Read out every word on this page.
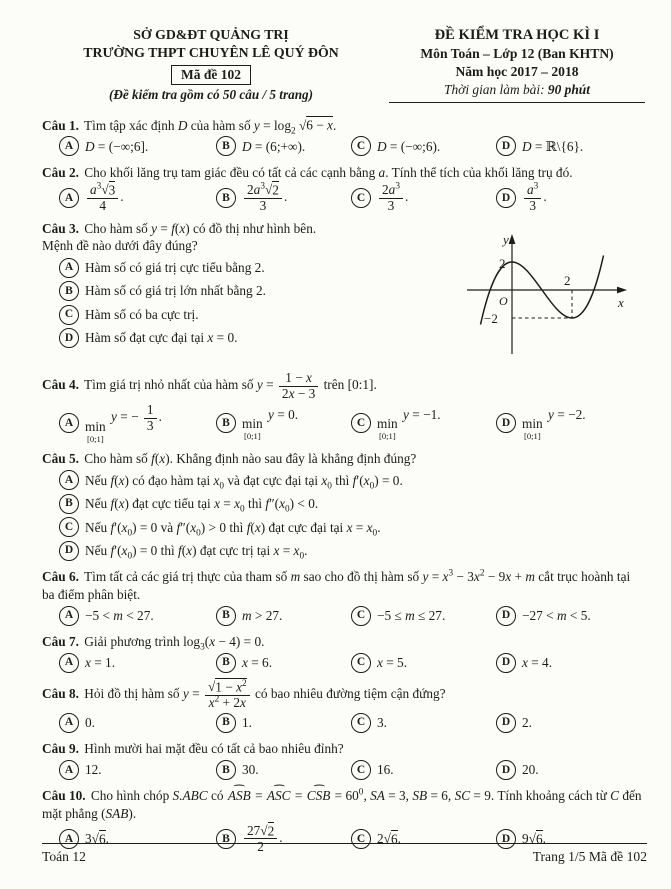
SỞ GD&ĐT QUẢNG TRỊ
TRƯỜNG THPT CHUYÊN LÊ QUÝ ĐÔN
Mã đề 102
(Đề kiểm tra gồm có 50 câu / 5 trang)
ĐỀ KIỂM TRA HỌC KÌ I
Môn Toán – Lớp 12 (Ban KHTN)
Năm học 2017 – 2018
Thời gian làm bài: 90 phút

Câu 1. Tìm tập xác định D của hàm số $y = \log_2 √6 - x$.

A D = (−∞;6].	B D = (6;+∞).	C D = (−∞;6).	D D = ℝ\{6}.

Câu 2. Cho khối lăng trụ tam giác đều có tất cả các cạnh bằng a. Tính thể tích của khối lăng trụ đó.

A	$\frac{a^3√3}{4}$ .	B	$\frac{2a^3√2}{3}$ .	C	$\frac{2a^3}{3}$ .	D	$\frac{a^3}{3}$ .

Câu 3. Cho hàm số y = f(x) có đồ thị như hình bên.
Mệnh đề nào dưới đây đúng?

A Hàm số có giá trị cực tiểu bằng 2.
B Hàm số có giá trị lớn nhất bằng 2.
C Hàm số có ba cực trị.
D Hàm số đạt cực đại tại x = 0.
y
x
O
2
2
−2

Câu 4. Tìm giá trị nhỏ nhất của hàm số $y = \frac{1 - x}{2x - 3}$ trên [0:1].

A min
[0;1]
y = − $\frac{1}{3}$ .	B min
[0;1]
y = 0.
C min
[0;1]
y = −1.
D min
[0;1]
y = −2.

Câu 5. Cho hàm số f(x). Khẳng định nào sau đây là khẳng định đúng?

A Nếu f(x) có đạo hàm tại $x_0$ và đạt cực đại tại $x_0$ thì $f'(x_0) = 0$.
B Nếu f(x) đạt cực tiểu tại $x = x_0$ thì $f''(x_0) < 0$.
C Nếu $f'(x_0) = 0$ và $f''(x_0) > 0$ thì f(x) đạt cực đại tại $x = x_0$.
D Nếu $f'(x_0) = 0$ thì f(x) đạt cực trị tại $x = x_0$.

Câu 6. Tìm tất cả các giá trị thực của tham số m sao cho đồ thị hàm số $y = x^3 - 3x^2 - 9x + m$ cắt trục hoành tại ba điểm phân biệt.

A −5 < m < 27.	B m > 27.	C −5 ≤ m ≤ 27.	D −27 < m < 5.

Câu 7. Giải phương trình $\log_3(x - 4) = 0$.

A x = 1.	B x = 6.	C x = 5.	D x = 4.

Câu 8. Hỏi đồ thị hàm số $y = \frac{√1 - x^2}{x^2 + 2x}$ có bao nhiêu đường tiệm cận đứng?

A 0.	B 1.	C 3.	D 2.

Câu 9. Hình mười hai mặt đều có tất cả bao nhiêu đỉnh?

A 12.	B 30.	C 16.	D 20.

Câu 10. Cho hình chóp S.ABC có ⌢ ASB = ⌢ ASC = ⌢ CSB = $60^0$, SA = 3, SB = 6, SC = 9. Tính khoảng cách từ C đến mặt phẳng (SAB).

A 3√6.	B	$\frac{27√2}{2}$ .	C 2√6.	D 9√6.
Toán 12	Trang 1/5 Mã đề 102
